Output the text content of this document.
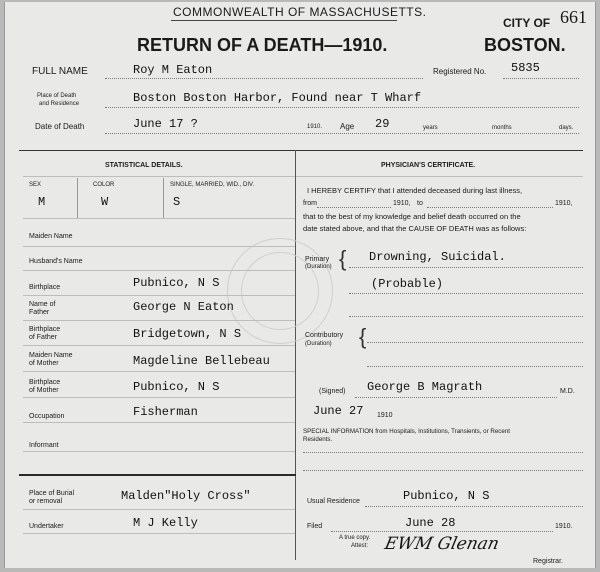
COMMONWEALTH OF MASSACHUSETTS.
CITY OF 661
RETURN OF A DEATH—1910.	BOSTON.
FULL NAME	Roy M Eaton	Registered No. 5835
Place of Death
and Residence	Boston Boston Harbor, Found near T Wharf
Date of Death	June 17 ?	1910. Age 29	years	months	days.
STATISTICAL DETAILS.
SEX	COLOR	SINGLE, MARRIED, WID., DIV.
M	W	S
Maiden Name
Husband's Name
Birthplace	Pubnico, N S
Name of
Father	George N Eaton
Birthplace
of Father	Bridgetown, N S
Maiden Name
of Mother	Magdeline Bellebeau
Birthplace
of Mother	Pubnico, N S
Occupation	Fisherman
Informant
Place of Burial
or removal	Malden"Holy Cross"
Undertaker	M J Kelly
PHYSICIAN'S CERTIFICATE.
I HEREBY CERTIFY that I attended deceased during last illness,
from	1910, to	1910,
that to the best of my knowledge and belief death occurred on the
date stated above, and that the CAUSE OF DEATH was as follows:
Primary
(Duration) { Drowning, Suicidal.
(Probable)
Contributory
(Duration) {
(Signed) George B Magrath	M.D.
June 27 1910
SPECIAL INFORMATION from Hospitals, Institutions, Transients, or Recent
Residents.
Usual Residence	Pubnico, N S
Filed	June 28	1910.
A true copy.
Attest: EWM Glenan
Registrar.
